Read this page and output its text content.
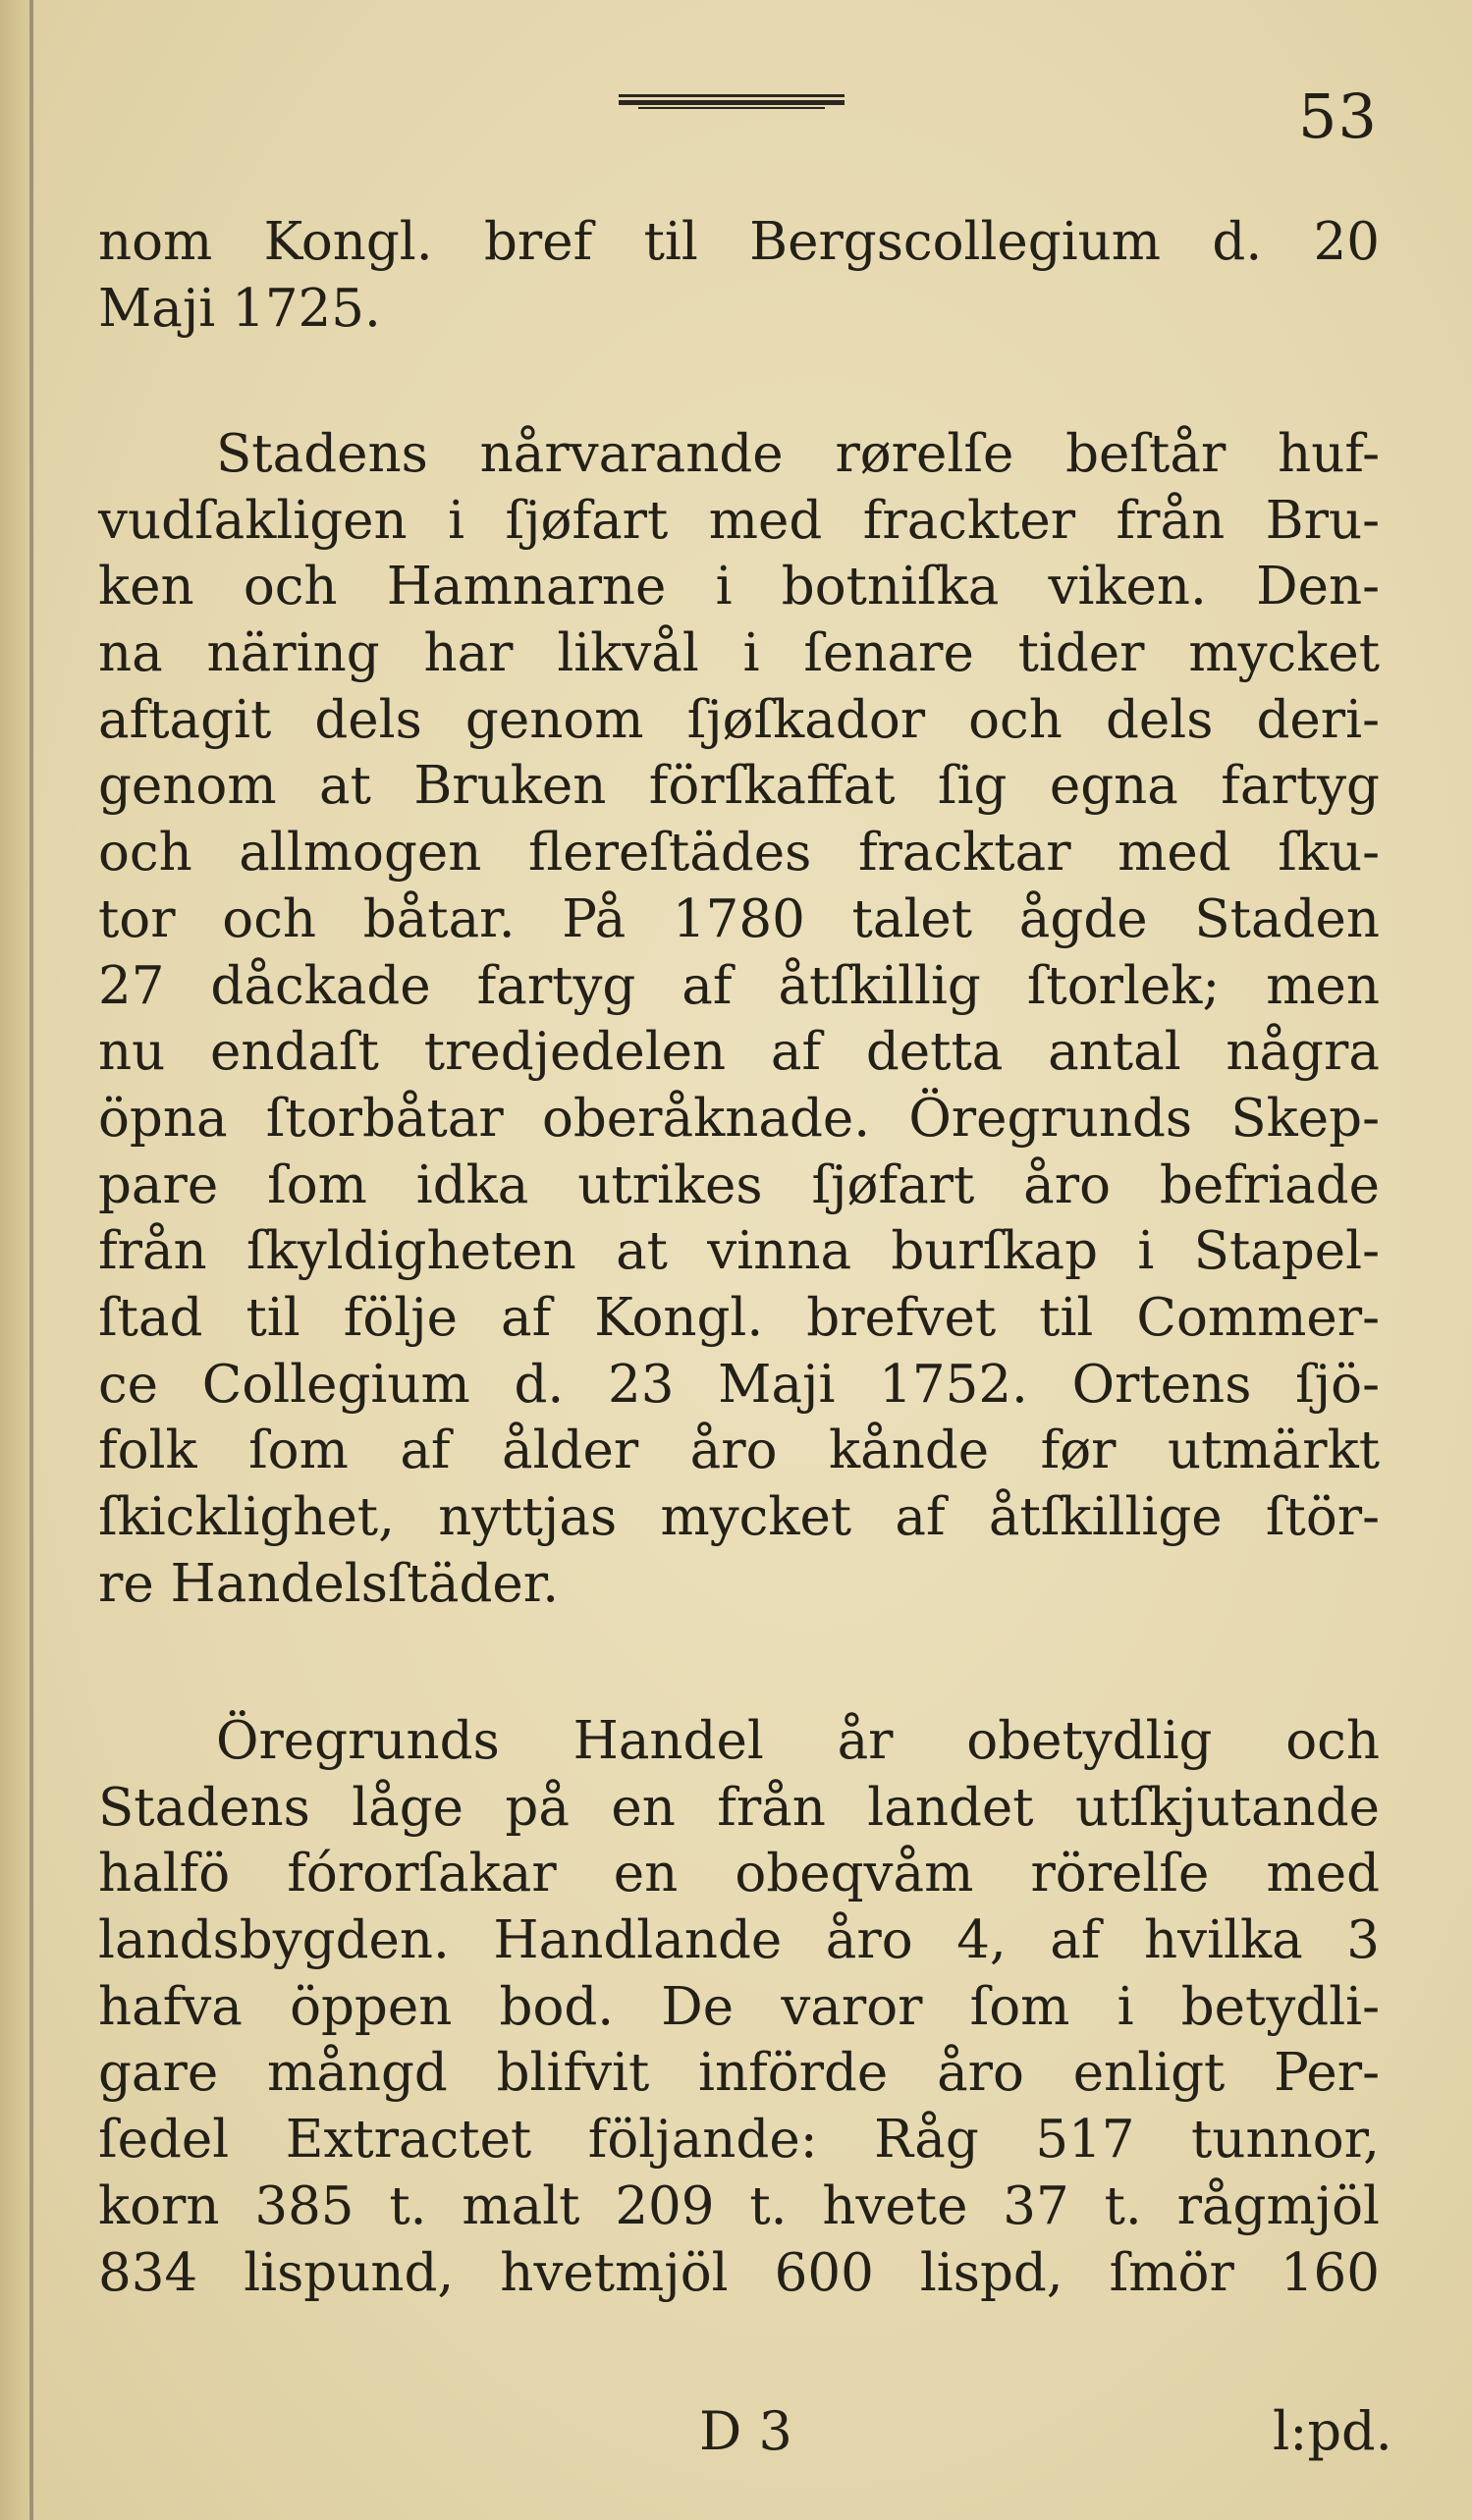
53
nom Kongl. bref til Bergscollegium d. 20
Maji 1725.
Stadens nårvarande rørelſe beſtår huf-
vudſakligen i ſjøfart med frackter från Bru-
ken och Hamnarne i botniſka viken. Den-
na näring har likvål i ſenare tider mycket
aftagit dels genom ſjøſkador och dels deri-
genom at Bruken förſkaffat ſig egna fartyg
och allmogen flereſtädes fracktar med ſku-
tor och båtar. På 1780 talet ågde Staden
27 dåckade fartyg af åtſkillig ſtorlek; men
nu endaſt tredjedelen af detta antal några
öpna ſtorbåtar oberåknade. Öregrunds Skep-
pare ſom idka utrikes ſjøfart åro befriade
från ſkyldigheten at vinna burſkap i Stapel-
ſtad til följe af Kongl. brefvet til Commer-
ce Collegium d. 23 Maji 1752. Ortens ſjö-
folk ſom af ålder åro kånde før utmärkt
ſkicklighet, nyttjas mycket af åtſkillige ſtör-
re Handelsſtäder.
Öregrunds Handel år obetydlig och
Stadens låge på en från landet utſkjutande
halfö fórorſakar en obeqvåm rörelſe med
landsbygden. Handlande åro 4, af hvilka 3
hafva öppen bod. De varor ſom i betydli-
gare mångd blifvit införde åro enligt Per-
ſedel Extractet följande: Råg 517 tunnor,
korn 385 t. malt 209 t. hvete 37 t. rågmjöl
834 lispund, hvetmjöl 600 lispd, ſmör 160
D 3	l:pd.
